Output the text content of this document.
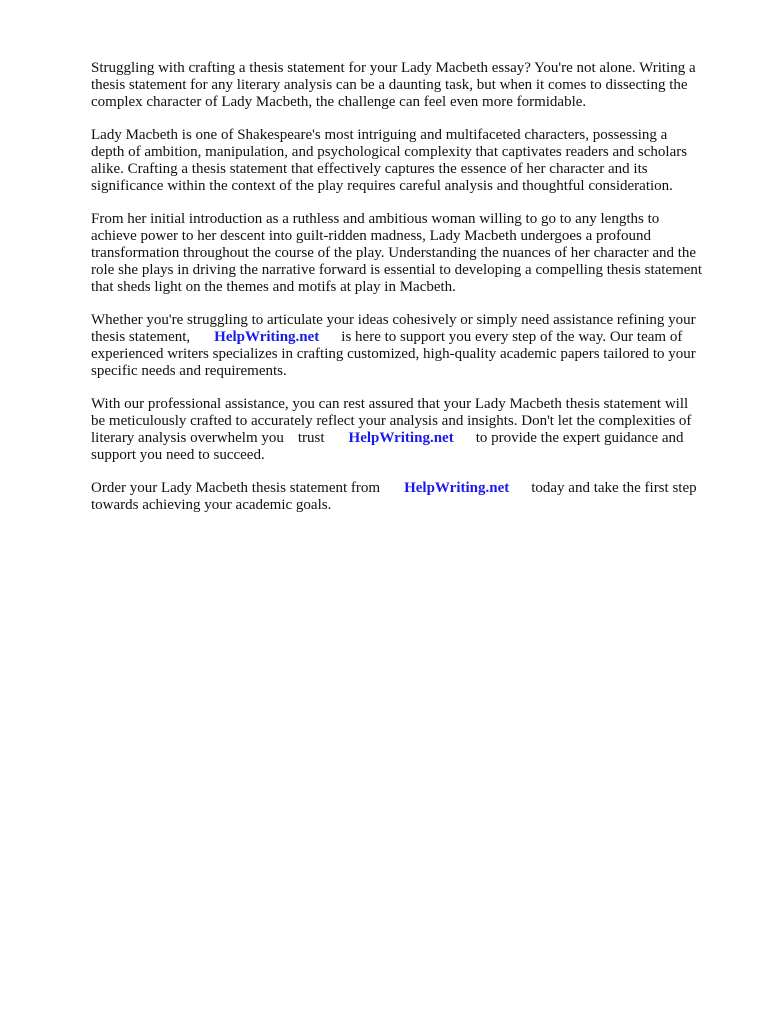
Struggling with crafting a thesis statement for your Lady Macbeth essay? You're not alone. Writing a
thesis statement for any literary analysis can be a daunting task, but when it comes to dissecting the
complex character of Lady Macbeth, the challenge can feel even more formidable.
Lady Macbeth is one of Shakespeare's most intriguing and multifaceted characters, possessing a
depth of ambition, manipulation, and psychological complexity that captivates readers and scholars
alike. Crafting a thesis statement that effectively captures the essence of her character and its
significance within the context of the play requires careful analysis and thoughtful consideration.
From her initial introduction as a ruthless and ambitious woman willing to go to any lengths to
achieve power to her descent into guilt-ridden madness, Lady Macbeth undergoes a profound
transformation throughout the course of the play. Understanding the nuances of her character and the
role she plays in driving the narrative forward is essential to developing a compelling thesis statement
that sheds light on the themes and motifs at play in Macbeth.
Whether you're struggling to articulate your ideas cohesively or simply need assistance refining your
thesis statement, HelpWriting.net is here to support you every step of the way. Our team of
experienced writers specializes in crafting customized, high-quality academic papers tailored to your
specific needs and requirements.
With our professional assistance, you can rest assured that your Lady Macbeth thesis statement will
be meticulously crafted to accurately reflect your analysis and insights. Don't let the complexities of
literary analysis overwhelm you trust HelpWriting.net to provide the expert guidance and
support you need to succeed.
Order your Lady Macbeth thesis statement from HelpWriting.net today and take the first step
towards achieving your academic goals.
